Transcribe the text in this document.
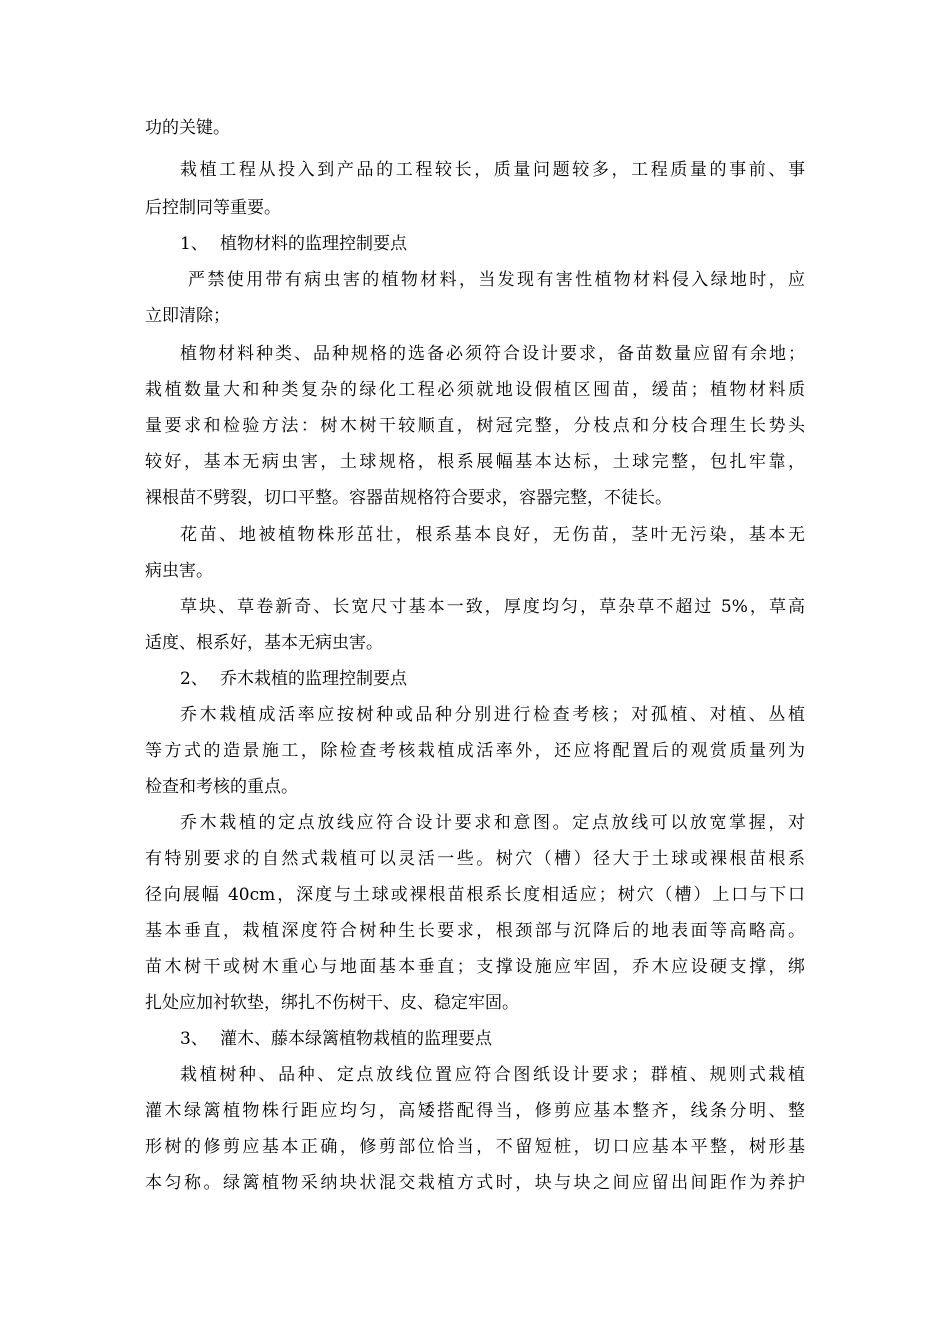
功的关键。
栽植工程从投入到产品的工程较长，质量问题较多，工程质量的事前、事
后控制同等重要。
1、 植物材料的监理控制要点
严禁使用带有病虫害的植物材料，当发现有害性植物材料侵入绿地时，应
立即清除；
植物材料种类、品种规格的选备必须符合设计要求，备苗数量应留有余地；
栽植数量大和种类复杂的绿化工程必须就地设假植区囤苗，缓苗；植物材料质
量要求和检验方法：树木树干较顺直，树冠完整，分枝点和分枝合理生长势头
较好，基本无病虫害，土球规格，根系展幅基本达标，土球完整，包扎牢靠，
裸根苗不劈裂，切口平整。容器苗规格符合要求，容器完整，不徒长。
花苗、地被植物株形茁壮，根系基本良好，无伤苗，茎叶无污染，基本无
病虫害。
草块、草卷新奇、长宽尺寸基本一致，厚度均匀，草杂草不超过 5%，草高
适度、根系好，基本无病虫害。
2、 乔木栽植的监理控制要点
乔木栽植成活率应按树种或品种分别进行检查考核；对孤植、对植、丛植
等方式的造景施工，除检查考核栽植成活率外，还应将配置后的观赏质量列为
检查和考核的重点。
乔木栽植的定点放线应符合设计要求和意图。定点放线可以放宽掌握，对
有特别要求的自然式栽植可以灵活一些。树穴（槽）径大于土球或裸根苗根系
径向展幅 40cm，深度与土球或裸根苗根系长度相适应；树穴（槽）上口与下口
基本垂直，栽植深度符合树种生长要求，根颈部与沉降后的地表面等高略高。
苗木树干或树木重心与地面基本垂直；支撑设施应牢固，乔木应设硬支撑，绑
扎处应加衬软垫，绑扎不伤树干、皮、稳定牢固。
3、 灌木、藤本绿篱植物栽植的监理要点
栽植树种、品种、定点放线位置应符合图纸设计要求；群植、规则式栽植
灌木绿篱植物株行距应均匀，高矮搭配得当，修剪应基本整齐，线条分明、整
形树的修剪应基本正确，修剪部位恰当，不留短桩，切口应基本平整，树形基
本匀称。绿篱植物采纳块状混交栽植方式时，块与块之间应留出间距作为养护
